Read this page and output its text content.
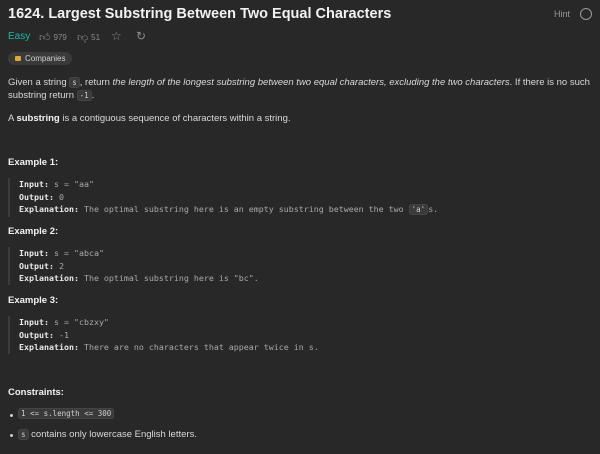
1624. Largest Substring Between Two Equal Characters	Hint
Easy 👍︎ 979 👎︎ 51 ☆ ↻
Companies

Given a string s , return the length of the longest substring between two equal characters, excluding the two characters. If there is no such substring return -1 .

A substring is a contiguous sequence of characters within a string.

Example 1:
Input: s = "aa"
Output: 0
Explanation: The optimal substring here is an empty substring between the two 'a' s.
Example 2:
Input: s = "abca"
Output: 2
Explanation: The optimal substring here is "bc".
Example 3:
Input: s = "cbzxy"
Output: -1
Explanation: There are no characters that appear twice in s.
Constraints:
1 <= s.length <= 300
s contains only lowercase English letters.
